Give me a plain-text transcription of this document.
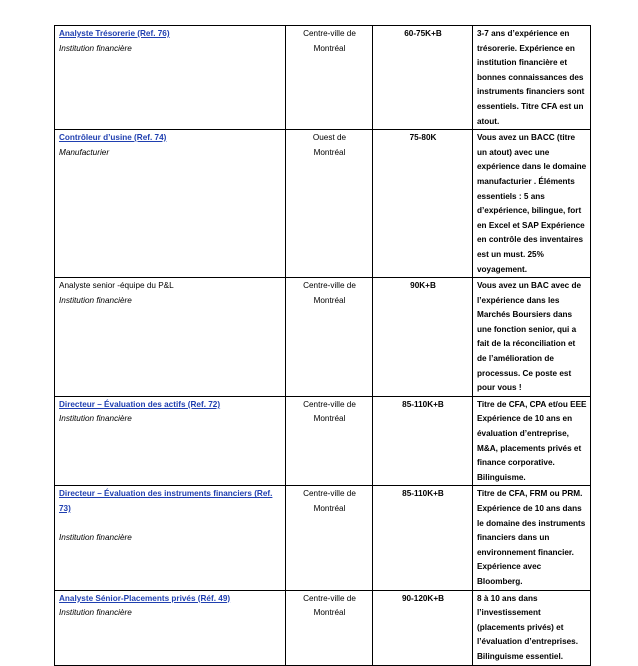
Analyste Trésorerie (Ref. 76)
Institution financière	Centre-ville de
Montréal	60-75K+B	3-7 ans d’expérience en trésorerie. Expérience en institution financière et bonnes connaissances des instruments financiers sont essentiels. Titre CFA est un atout.

Contrôleur d’usine (Ref. 74)
Manufacturier	Ouest de
Montréal	75-80K	Vous avez un BACC (titre un atout) avec une expérience dans le domaine manufacturier . Éléments essentiels : 5 ans d’expérience, bilingue, fort en Excel et SAP Expérience en contrôle des inventaires est un must. 25% voyagement.

Analyste senior -équipe du P&L
Institution financière	Centre-ville de
Montréal	90K+B	Vous avez un BAC avec de l’expérience dans les Marchés Boursiers dans une fonction senior, qui a fait de la réconciliation et de l’amélioration de processus. Ce poste est pour vous !

Directeur – Évaluation des actifs (Ref. 72)
Institution financière	Centre-ville de
Montréal	85-110K+B	Titre de CFA, CPA et/ou EEE Expérience de 10 ans en évaluation d’entreprise, M&A, placements privés et finance corporative. Bilinguisme.

Directeur – Évaluation des instruments financiers (Ref. 73)
Institution financière	Centre-ville de
Montréal	85-110K+B	Titre de CFA, FRM ou PRM. Expérience de 10 ans dans le domaine des instruments financiers dans un environnement financier. Expérience avec Bloomberg.

Analyste Sénior-Placements privés (Réf. 49)
Institution financière	Centre-ville de
Montréal	90-120K+B	8 à 10 ans dans l’investissement (placements privés) et l’évaluation d’entreprises. Bilinguisme essentiel.
